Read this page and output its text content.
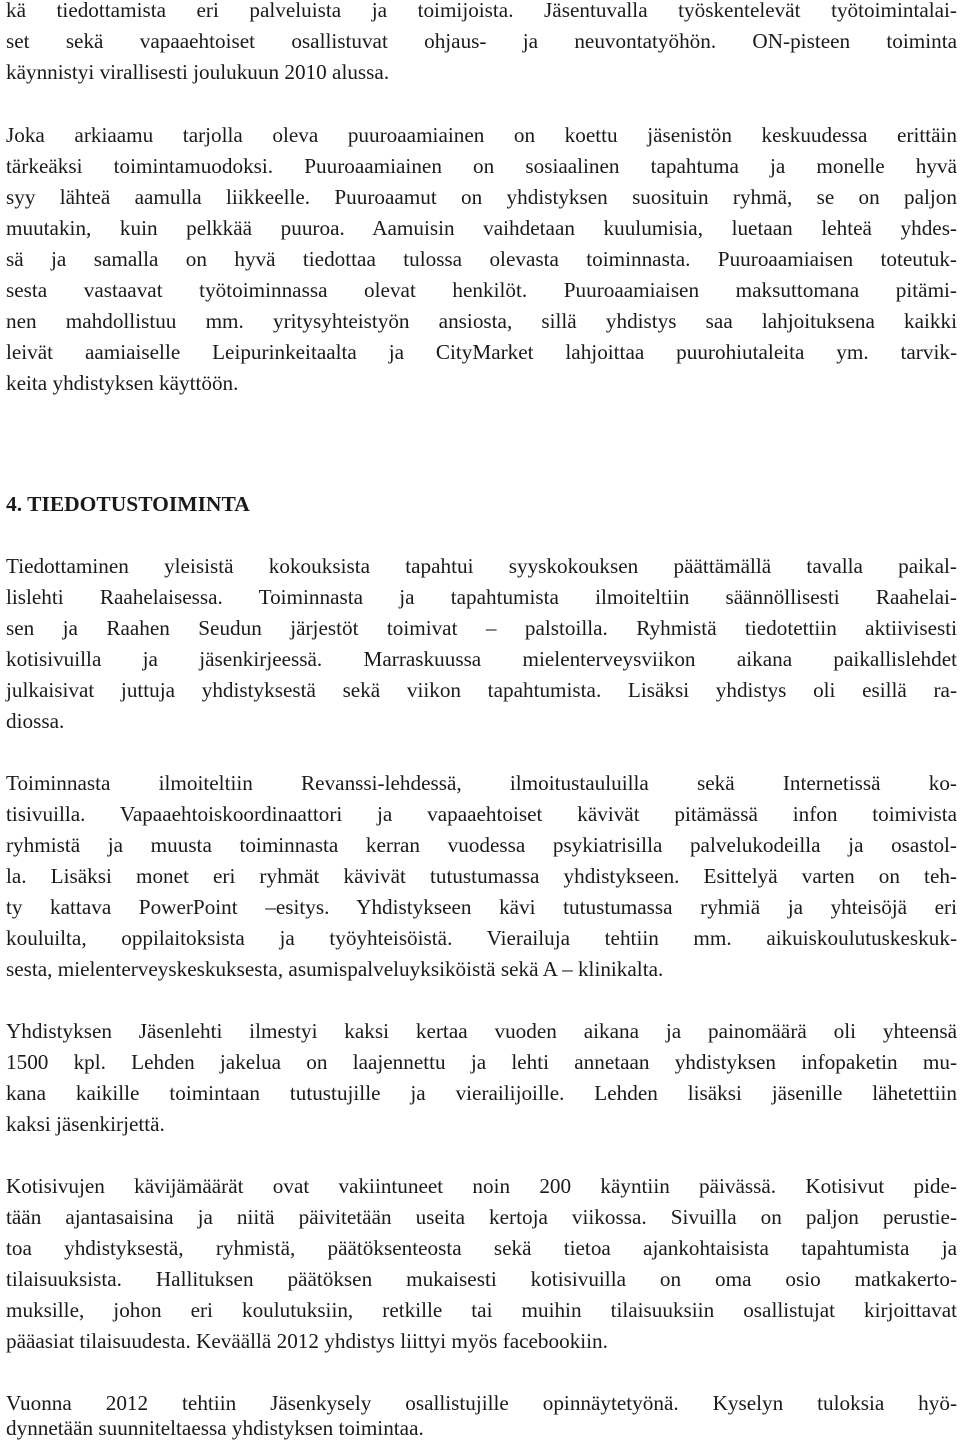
kä tiedottamista eri palveluista ja toimijoista. Jäsentuvalla työskentelevät työtoimintalai-
set sekä vapaaehtoiset osallistuvat ohjaus- ja neuvontatyöhön. ON-pisteen toiminta
käynnistyi virallisesti joulukuun 2010 alussa.
Joka arkiaamu tarjolla oleva puuroaamiainen on koettu jäsenistön keskuudessa erittäin
tärkeäksi toimintamuodoksi. Puuroaamiainen on sosiaalinen tapahtuma ja monelle hyvä
syy lähteä aamulla liikkeelle. Puuroaamut on yhdistyksen suosituin ryhmä, se on paljon
muutakin, kuin pelkkää puuroa. Aamuisin vaihdetaan kuulumisia, luetaan lehteä yhdes-
sä ja samalla on hyvä tiedottaa tulossa olevasta toiminnasta. Puuroaamiaisen toteutuk-
sesta vastaavat työtoiminnassa olevat henkilöt. Puuroaamiaisen maksuttomana pitämi-
nen mahdollistuu mm. yritysyhteistyön ansiosta, sillä yhdistys saa lahjoituksena kaikki
leivät aamiaiselle Leipurinkeitaalta ja CityMarket lahjoittaa puurohiutaleita ym. tarvik-
keita yhdistyksen käyttöön.
4. TIEDOTUSTOIMINTA
Tiedottaminen yleisistä kokouksista tapahtui syyskokouksen päättämällä tavalla paikal-
lislehti Raahelaisessa. Toiminnasta ja tapahtumista ilmoiteltiin säännöllisesti Raahelai-
sen ja Raahen Seudun järjestöt toimivat – palstoilla. Ryhmistä tiedotettiin aktiivisesti
kotisivuilla ja jäsenkirjeessä. Marraskuussa mielenterveysviikon aikana paikallislehdet
julkaisivat juttuja yhdistyksestä sekä viikon tapahtumista. Lisäksi yhdistys oli esillä ra-
diossa.
Toiminnasta ilmoiteltiin Revanssi-lehdessä, ilmoitustauluilla sekä Internetissä ko-
tisivuilla. Vapaaehtoiskoordinaattori ja vapaaehtoiset kävivät pitämässä infon toimivista
ryhmistä ja muusta toiminnasta kerran vuodessa psykiatrisilla palvelukodeilla ja osastol-
la. Lisäksi monet eri ryhmät kävivät tutustumassa yhdistykseen. Esittelyä varten on teh-
ty kattava PowerPoint –esitys. Yhdistykseen kävi tutustumassa ryhmiä ja yhteisöjä eri
kouluilta, oppilaitoksista ja työyhteisöistä. Vierailuja tehtiin mm. aikuiskoulutuskeskuk-
sesta, mielenterveyskeskuksesta, asumispalveluyksiköistä sekä A – klinikalta.
Yhdistyksen Jäsenlehti ilmestyi kaksi kertaa vuoden aikana ja painomäärä oli yhteensä
1500 kpl. Lehden jakelua on laajennettu ja lehti annetaan yhdistyksen infopaketin mu-
kana kaikille toimintaan tutustujille ja vierailijoille. Lehden lisäksi jäsenille lähetettiin
kaksi jäsenkirjettä.
Kotisivujen kävijämäärät ovat vakiintuneet noin 200 käyntiin päivässä. Kotisivut pide-
tään ajantasaisina ja niitä päivitetään useita kertoja viikossa. Sivuilla on paljon perustie-
toa yhdistyksestä, ryhmistä, päätöksenteosta sekä tietoa ajankohtaisista tapahtumista ja
tilaisuuksista. Hallituksen päätöksen mukaisesti kotisivuilla on oma osio matkakerto-
muksille, johon eri koulutuksiin, retkille tai muihin tilaisuuksiin osallistujat kirjoittavat
pääasiat tilaisuudesta. Keväällä 2012 yhdistys liittyi myös facebookiin.
Vuonna 2012 tehtiin Jäsenkysely osallistujille opinnäytetyönä. Kyselyn tuloksia hyö-
dynnetään suunniteltaessa yhdistyksen toimintaa.
